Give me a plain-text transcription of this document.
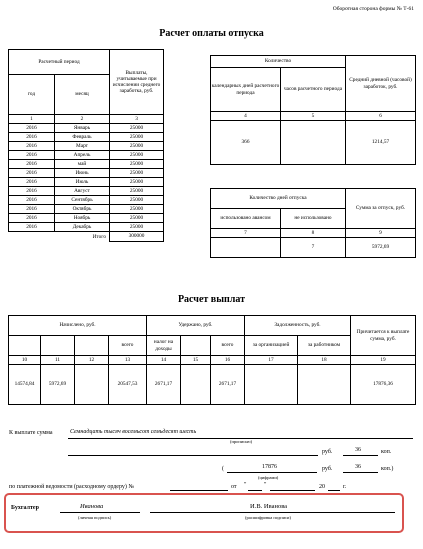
Оборотная сторона формы № Т-61
Расчет оплаты отпуска
Расчетный период		Выплаты, учитываемые при исчислении среднего заработка, руб.
год	месяц	
1	2	3
2016	Январь	25000
2016	Февраль	25000
2016	Март	25000
2016	Апрель	25000
2016	май	25000
2016	Июнь	25000
2016	Июль	25000
2016	Август	25000
2016	Сентябрь	25000
2016	Октябрь	25000
2016	Ноябрь	25000
2016	Декабрь	25000
	Итого	300000
Количество		Средний дневной (часовой) заработок, руб.
календарных дней расчетного периода	часов расчетного периода	
4	5	6
366		1214,57
Количество дней отпуска		Сумма за отпуск, руб.
использовано авансом	не использовано	
7	8	9
	7	5972,69
Расчет выплат
Начислено, руб.				Удержано, руб.			Задолженность, руб.		Причитается к выплате сумма, руб.
			всего	налог на доходы		всего	за организацией	за работником	
10	11	12	13	14	15	16	17	18	19
14574,84	5972,69		20547,53	2671,17		2671,17			17876,36
К выплате сумма	Семнадцать тысяч восемьсот семьдесят шесть
(прописью)
руб.	36	коп.
(	17876
(цифрами)
руб.	36	коп.)
по платежной ведомости (расходному ордеру) №	от "	"	20	г.
Бухгалтер	Иванова
(личная подпись)
И.В. Иванова
(расшифровка подписи)
